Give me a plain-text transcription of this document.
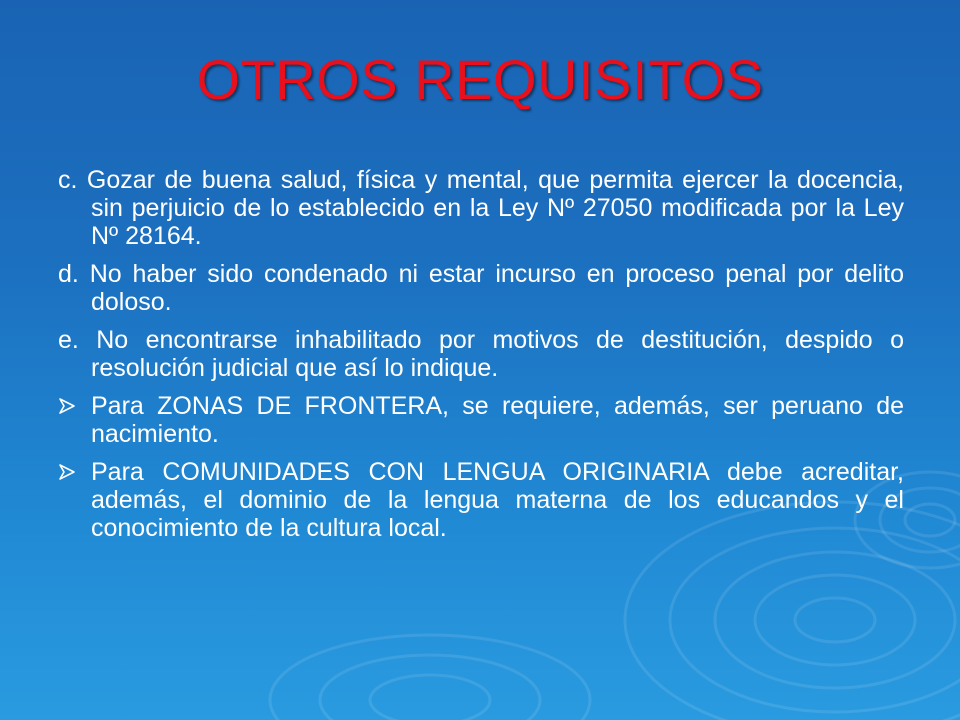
OTROS REQUISITOS
c. Gozar de buena salud, física y mental, que permita ejercer la docencia, sin perjuicio de lo establecido en la Ley Nº 27050 modificada por la Ley Nº 28164.
d. No haber sido condenado ni estar incurso en proceso penal por delito doloso.
e. No encontrarse inhabilitado por motivos de destitución, despido o resolución judicial que así lo indique.
Para ZONAS DE FRONTERA, se requiere, además, ser peruano de nacimiento.
Para COMUNIDADES CON LENGUA ORIGINARIA debe acreditar, además, el dominio de la lengua materna de los educandos y el conocimiento de la cultura local.
